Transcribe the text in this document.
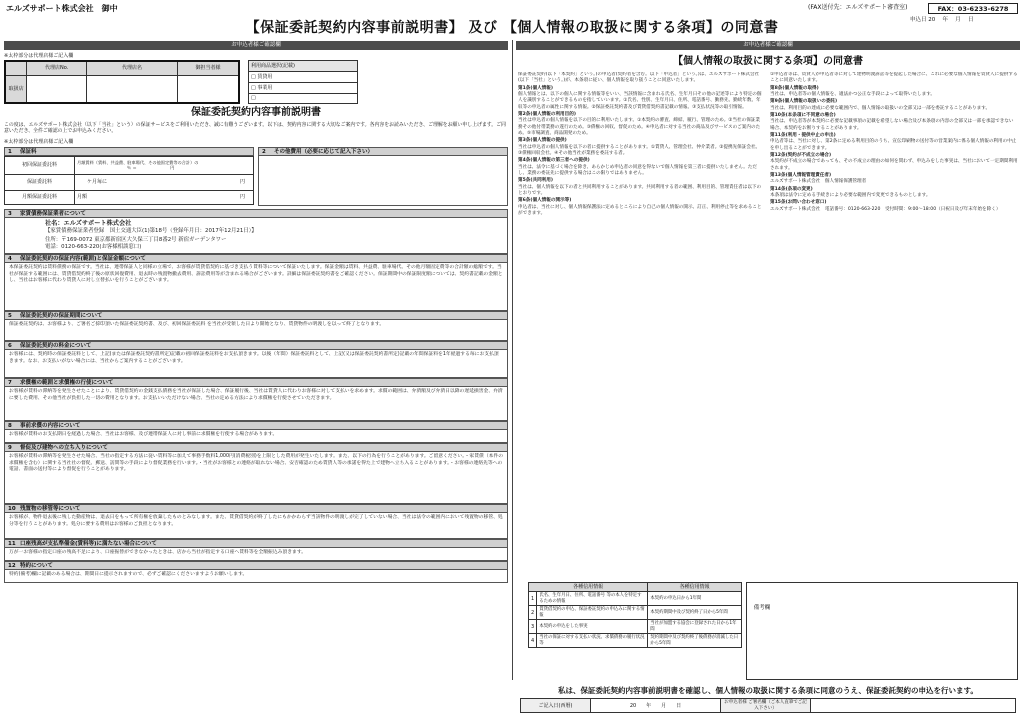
エルズサポート株式会社　御中	(FAX送付先：エルズサポート審査室)	FAX：03-6233-6278
申込日 20　 年　 月　 日
【保証委託契約内容事前説明書】 及び 【個人情報の取扱に関する条項】の同意書
お申込者様ご確認欄	お申込者様ご確認欄
※太枠部分は代理店様ご記入欄
	代理店No.	代理店名	御担当者様
取扱店			
利用商品選択(記載)
□ 賃貸用
□ 事業用
□
保証委託契約内容事前説明書
この度は、エルズサポート株式会社（以下「当社」という）の保証サービスをご利用いただき、誠に有難うございます。以下は、契約内容に関する大切なご案内です。各内容をお読みいただき、ご理解をお願い申し上げます。ご同意いただき、全件ご確認の上でお申込みください。
※太枠部分は代理店様ご記入欄
1 保証料
初回保証委託料	月額賃料（賃料、共益費、駐車場代、その他固定費等の合計）の
％ ＝　　　　　　　　円
保証委託料	ケ月毎に 円

月額保証委託料	月額 円
2 その他費用（必要に応じて記入下さい）
3 家賃債務保証業者について
社名：エルズサポート株式会社
【家賃債務保証業者登録　国土交通大臣(1)第18号（登録年月日：2017年12月21日）】
住所：〒169-0072 東京都新宿区大久保三丁目8番2号 新宿ガーデンタワー
電話：0120-663-220(お客様相談窓口)
4 保証委託契約の保証内容(範囲)と保証金額について
本保証委託契約は賃料債務の保証です。当社は、連帯保証人と同様の立場で、お客様が賃貸借契約に基づき支払う賃料等について保証いたします。保証金額は賃料、共益費、駐車場代、その他月額固定費等の合計額の総額です。当社が保証する範囲には、賃貸借契約終了後の原状回復費用、退去時の残置物撤去費用、訴訟費用等が含まれる場合がございます。詳細は保証委託契約書をご確認ください。保証期間中の保証限度額については、契約書記載の金額とし、当社はお客様に代わり賃貸人に対し立替払いを行うことがございます。
5 保証委託契約の保証期間について
保証委託契約は、お客様より、ご署名ご捺印頂いた保証委託契約書、及び、初回保証委託料 を当社が受領した日より開始となり、賃貸物件の明渡しを以って終了となります。
6 保証委託契約の料金について
お客様には、契約時の保証委託料として、上記(または保証委託契約書所定)記載の初回保証委託料をお支払頂きます。以後（年間）保証委託料として、上記(又は保証委託契約書所定)記載の年間保証料を1年経過する毎にお支払頂きます。なお、お支払いがない場合には、当社からご案内することがございます。
7 求償権の範囲と求償権の行使について
お客様が賃料の滞納等を発生させたことにより、賃貸借契約の金銭支払債務を当社が保証した場合、保証履行後、当社は賃貸人に代わりお客様に対して支払いを求めます。求償の範囲は、弁済額及び弁済日以降の遅延損害金、弁済に要した費用、その他当社が負担した一切の費用となります。お支払いいただけない場合、当社の定める方法により求償権を行使させていただきます。
8 事前求償の内容について
お客様が賃料のお支払期日を経過した場合、当社はお客様、及び連帯保証人に対し事前に求償権を行使する場合があります。
9 督促及び建物への立ち入りについて
お客様が賃料の滞納等を発生させた場合、当社の指定する方法に従い賃料等に加えて事務手数料1,000円(消費税別)を上限とした費用が発生いたします。また、以下の行為を行うことがあります。ご留意ください。・家賃債（本件の求償権を含む）に関する当社社の督促、郵送、訪問等の手段により督促業務を行います。・当社がお客様との連絡が取れない場合、安否確認のため賃貸人等の承諾を得た上で建物へ立ち入ることがあります。・お客様の連絡先等への電話、書面の送付等により督促を行うことがあります。
10 残置物の移管等について
お客様が、物件退去後に残した動産物は、退去日をもって所有権を放棄したものとみなします。また、賃貸借契約が終了したにもかかわらず当該物件の明渡しが完了していない場合、当社は法令の範囲内において残置物の移管、処分等を行うことがあります。処分に要する費用はお客様のご負担となります。
11 口座残高が支払準備金(賃料等)に満たない場合について
万が一お客様の指定口座の残高不足により、口座振替ができなかったときは、店から当社が指定する口座へ賃料等を全額振込み頂きます。
12 特約について
特約(備考)欄に記載のある場合は、期間日に提示されますので、必ずご確認にくださいますようお願いします。
【個人情報の取扱に関する条項】の同意書

保証委託契約(以下「本契約」という。)の申込者(契約者を含む。以下「申込者」という。)は、エルズサポート株式会社(以下「当社」という。)が、本条項に従い、個人情報を取り扱うことに同意いたします。

第1条(個人情報)
個人情報とは、以下の個人に関する情報等をいい、当該情報に含まれる氏名、生年月日その他の記述等により特定の個人を識別することができるものを指していいます。①氏名、性別、生年月日、住所、電話番号、勤務先、勤続年数、年収等の申込者の属性に関する情報。②保証委託契約書及び賃貸借契約書記載の情報。③支払状況等の取引情報。

第2条(個人情報の利用目的)
当社は申込者の個人情報を以下の目的に利用いたします。①本契約の審査、締結、履行、管理のため。②当社の保証業務その他付帯業務の遂行のため。③債権の回収、督促のため。④申込者に対する当社の商品及びサービスのご案内のため。⑤市場調査、商品開発のため。

第3条(個人情報の提供)
当社は申込者の個人情報を以下の者に提供することがあります。①賃貸人、管理会社、仲介業者。②提携先保証会社。③債権回収会社。④その他当社が業務を委託する者。

第4条(個人情報の第三者への提供)
当社は、法令に基づく場合を除き、あらかじめ申込者の同意を得ないで個人情報を第三者に提供いたしません。ただし、業務の委託先に提供する場合はこの限りではありません。

第5条(共同利用)
当社は、個人情報を以下の者と共同利用することがあります。共同利用する者の範囲、利用目的、管理責任者は以下のとおりです。

第6条(個人情報の開示等)
申込者は、当社に対し、個人情報保護法に定めるところにより自己の個人情報の開示、訂正、利用停止等を求めることができます。

①申込者等は、賃貸人が申込者等に対して建物明渡訴訟等を提起した場合に、これに必要な個人情報を賃貸人に提供することに同意いたします。

第8条(個人情報の取得)
当社は、申込者等の個人情報を、適法かつ公正な手段によって取得いたします。

第9条(個人情報の取扱いの委託)
当社は、利用目的の達成に必要な範囲内で、個人情報の取扱いの全部又は一部を委託することがあります。

第10条(本条項に不同意の場合)
当社は、申込者等が本契約に必要な記載事項の記載を希望しない場合及び本条項の内容の全部又は一部を承認できない場合、本契約をお断りすることがあります。

第11条(利用・提供中止の申出)
申込者等は、当社に対し、第2条に定める利用目的のうち、宣伝印刷物の送付等の営業案内に係る個人情報の利用の中止を申し出ることができます。

第12条(契約が不成立の場合)
本契約が不成立の場合であっても、その不成立の理由の如何を問わず、申込みをした事実は、当社において一定期間利用されます。

第13条(個人情報管理責任者)
エルズサポート株式会社　個人情報保護管理者

第14条(条項の変更)
本条項は法令に定める手続きにより必要な範囲内で変更できるものとします。

第15条(お問い合わせ窓口)
エルズサポート株式会社　電話番号：0120-663-220　受付時間：9:00～18:00（日祝日及び年末年始を除く）

各種信用情報		各種信用情報
1	氏名、生年月日、住所、電話番号 等の本人を特定するための情報	本契約の申込日から1年間
2	賃貸借契約の申込、保証委託契約の申込みに関する情報	本契約期間中及び契約終了日から5年間
3	本契約の申込をした事実	当社が加盟する協会に登録された日から1年間
4	当社の保証に対する支払い状況、求償債務の履行状況等	契約期間中及び契約終了後債務が消滅した日から5年間
備考欄
私は、保証委託契約内容事前説明書を確認し、個人情報の取扱に関する条項に同意のうえ、保証委託契約の申込を行います。
ご記入日(西暦)	20　　年　　月　　日	お申込者様 ご署名欄（ご本人直筆でご記入下さい）	
